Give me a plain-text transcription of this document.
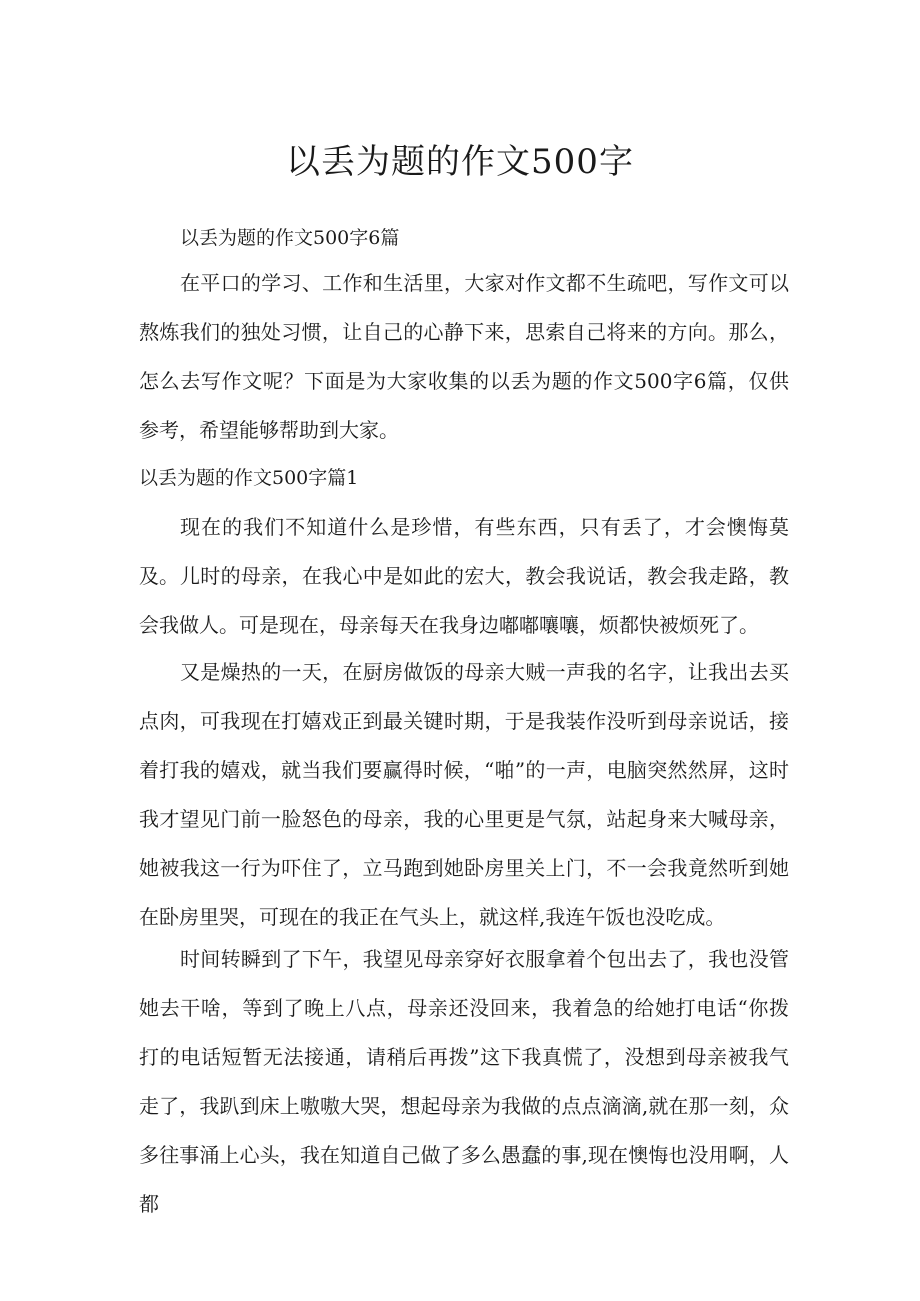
以丢为题的作文500字

以丢为题的作文500字6篇

在平口的学习、工作和生活里，大家对作文都不生疏吧，写作文可以熬炼我们的独处习惯，让自己的心静下来，思索自己将来的方向。那么，怎么去写作文呢？下面是为大家收集的以丢为题的作文500字6篇，仅供参考，希望能够帮助到大家。

以丢为题的作文500字篇1

现在的我们不知道什么是珍惜，有些东西，只有丢了，才会懊悔莫及。 儿时的母亲，在我心中是如此的宏大，教会我说话，教会我走路，教会我做人。可是现在，母亲每天在我身边嘟嘟嚷嚷，烦都快被烦死了。

又是燥热的一天，在厨房做饭的母亲大贼一声我的名字，让我出去买点肉，可我现在打嬉戏正到最关键时期，于是我装作没听到母亲说话，接着打我的嬉戏，就当我们要赢得时候，“啪”的一声，电脑突然然屏，这时我才望见门前一脸怒色的母亲，我的心里更是气氛，站起身来大喊母亲，她被我这一行为吓住了，立马跑到她卧房里关上门，不一会我竟然听到她在卧房里哭，可现在的我正在气头上，就这样,我连午饭也没吃成。

时间转瞬到了下午，我望见母亲穿好衣服拿着个包出去了，我也没管她去干啥，等到了晚上八点，母亲还没回来，我着急的给她打电话“你拨打的电话短暂无法接通，请稍后再拨”这下我真慌了，没想到母亲被我气走了，我趴到床上嗷嗷大哭，想起母亲为我做的点点滴滴,就在那一刻，众多往事涌上心头，我在知道自己做了多么愚蠢的事,现在懊悔也没用啊，人都
